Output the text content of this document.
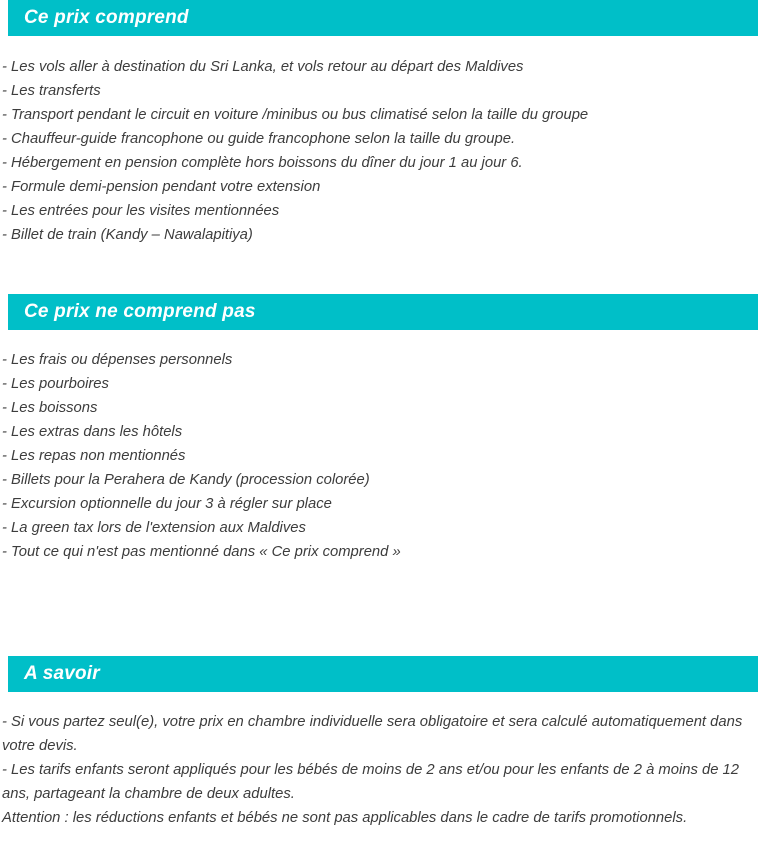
Ce prix comprend

- Les vols aller à destination du Sri Lanka, et vols retour au départ des Maldives

- Les transferts

- Transport pendant le circuit en voiture /minibus ou bus climatisé selon la taille du groupe

- Chauffeur-guide francophone ou guide francophone selon la taille du groupe.

- Hébergement en pension complète hors boissons du dîner du jour 1 au jour 6.

- Formule demi-pension pendant votre extension

- Les entrées pour les visites mentionnées

- Billet de train (Kandy – Nawalapitiya)

Ce prix ne comprend pas

- Les frais ou dépenses personnels

- Les pourboires

- Les boissons

- Les extras dans les hôtels

- Les repas non mentionnés

- Billets pour la Perahera de Kandy (procession colorée)

- Excursion optionnelle du jour 3 à régler sur place

- La green tax lors de l'extension aux Maldives

- Tout ce qui n'est pas mentionné dans « Ce prix comprend »

A savoir

- Si vous partez seul(e), votre prix en chambre individuelle sera obligatoire et sera calculé automatiquement dans votre devis.

- Les tarifs enfants seront appliqués pour les bébés de moins de 2 ans et/ou pour les enfants de 2 à moins de 12 ans, partageant la chambre de deux adultes.

Attention : les réductions enfants et bébés ne sont pas applicables dans le cadre de tarifs promotionnels.
